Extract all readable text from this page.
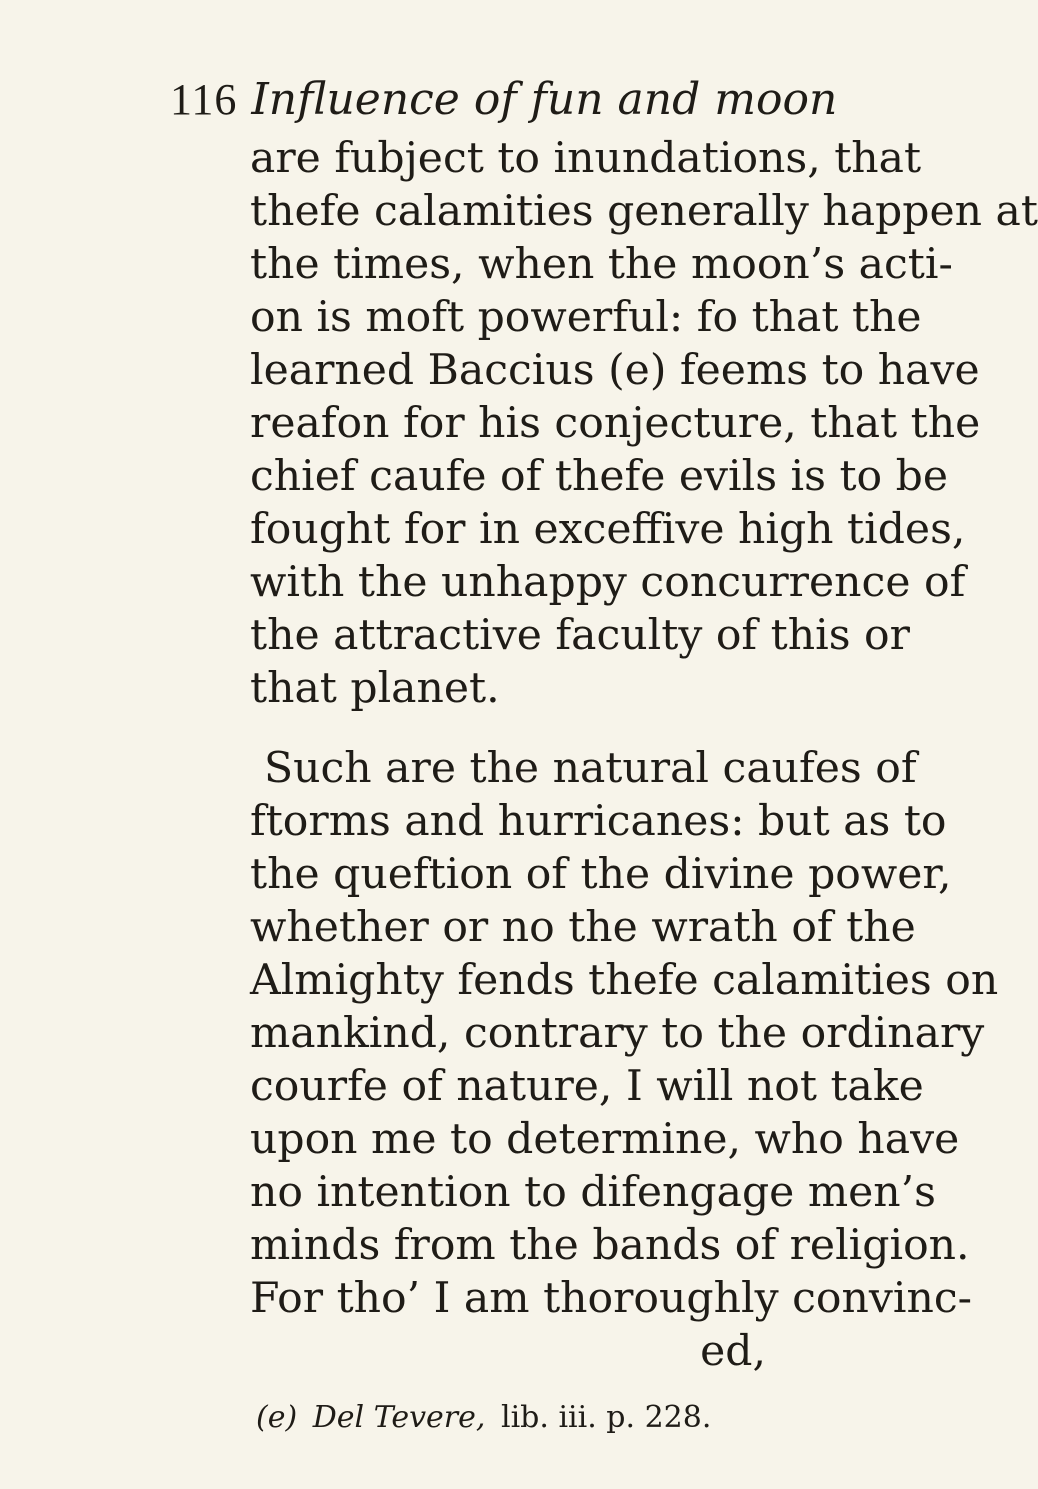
116 Influence of fun and moon
are fubject to inundations, that
thefe calamities generally happen at
the times, when the moon’s acti-
on is moft powerful: fo that the
learned Baccius (e) feems to have
reafon for his conjecture, that the
chief caufe of thefe evils is to be
fought for in exceffive high tides,
with the unhappy concurrence of
the attractive faculty of this or
that planet.
Such are the natural caufes of
ftorms and hurricanes: but as to
the queftion of the divine power,
whether or no the wrath of the
Almighty fends thefe calamities on
mankind, contrary to the ordinary
courfe of nature, I will not take
upon me to determine, who have
no intention to difengage men’s
minds from the bands of religion.
For tho’ I am thoroughly convinc-
ed,
(e) Del Tevere, lib. iii. p. 228.
